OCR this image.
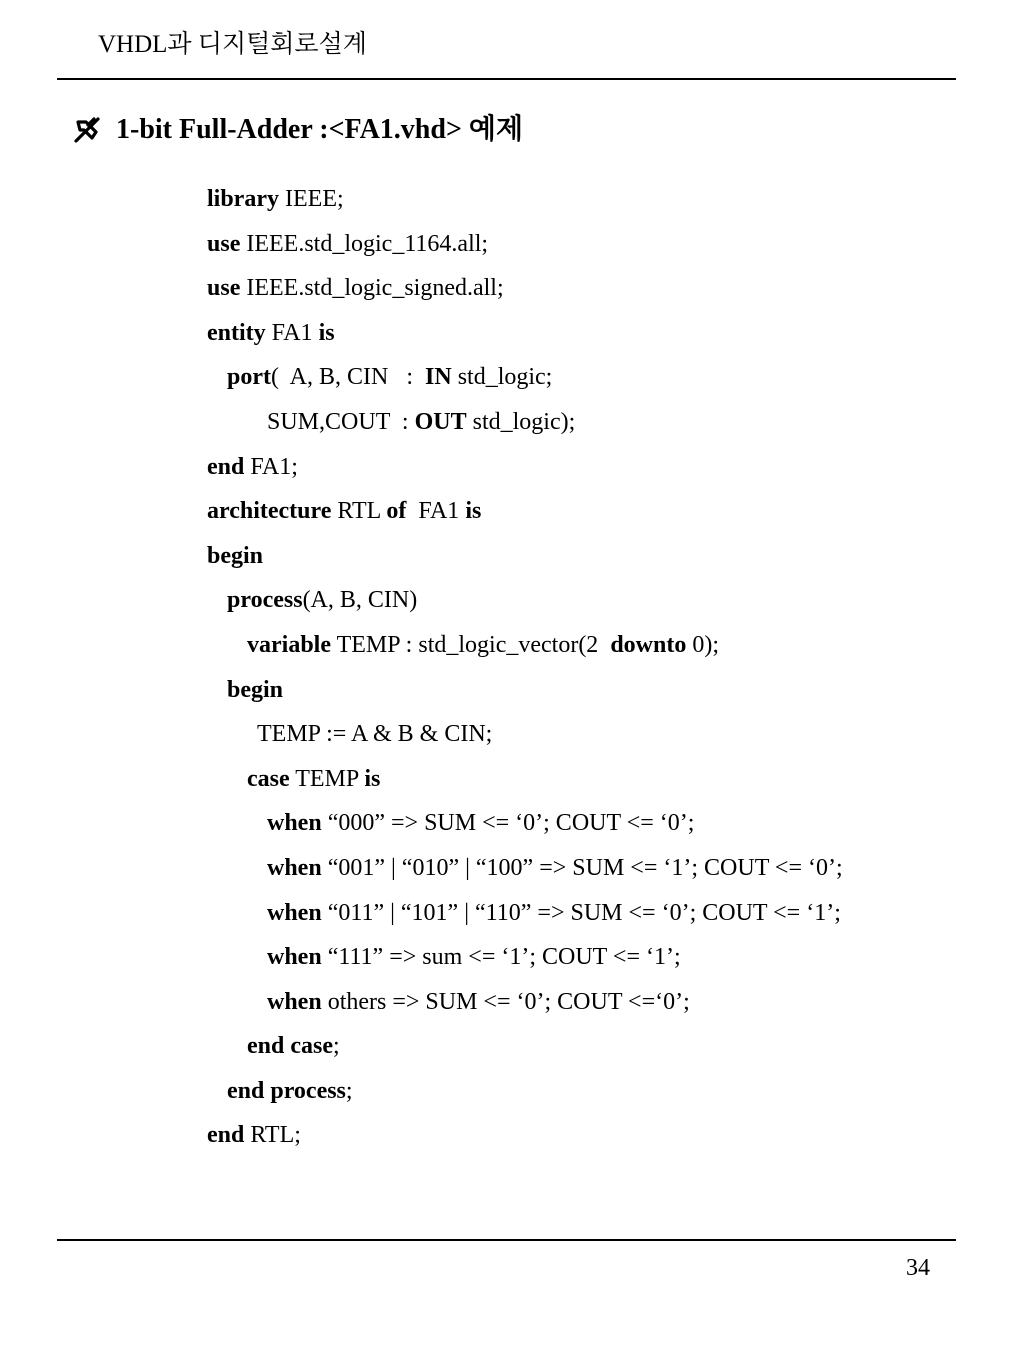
VHDL과 디지털회로설계
1-bit Full-Adder :<FA1.vhd> 예제
library IEEE;
use IEEE.std_logic_1164.all;
use IEEE.std_logic_signed.all;
entity FA1 is
port(  A, B, CIN   :  IN std_logic;
SUM,COUT  : OUT std_logic);
end FA1;
architecture RTL of  FA1 is
begin
process(A, B, CIN)
variable TEMP : std_logic_vector(2  downto 0);
begin
TEMP := A & B & CIN;
case TEMP is
when “000” => SUM <= ‘0’; COUT <= ‘0’;
when “001” | “010” | “100” => SUM <= ‘1’; COUT <= ‘0’;
when “011” | “101” | “110” => SUM <= ‘0’; COUT <= ‘1’;
when “111” => sum <= ‘1’; COUT <= ‘1’;
when others => SUM <= ‘0’; COUT <=‘0’;
end case;
end process;
end RTL;
34
